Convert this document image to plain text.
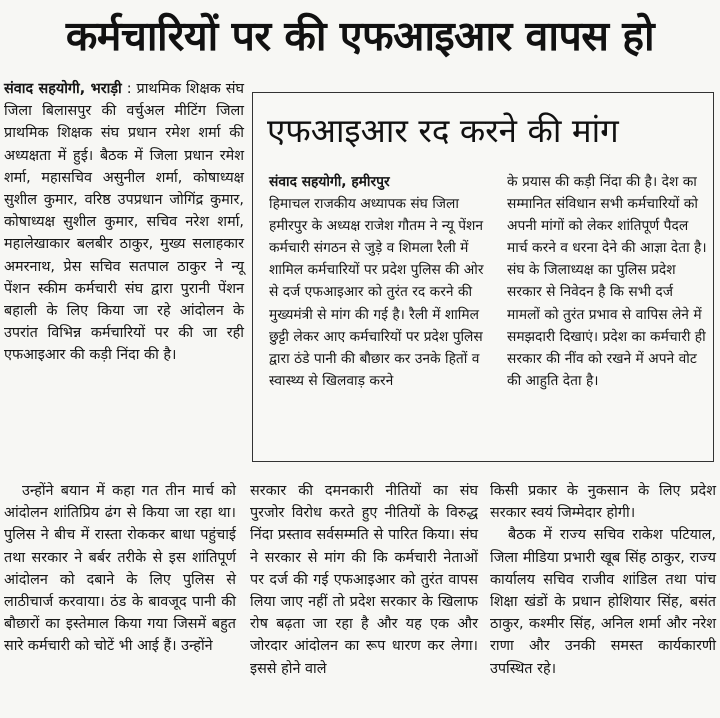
कर्मचारियों पर की एफआइआर वापस हो

संवाद सहयोगी, भराड़ी : प्राथमिक शिक्षक संघ जिला बिलासपुर की वर्चुअल मीटिंग जिला प्राथमिक शिक्षक संघ प्रधान रमेश शर्मा की अध्यक्षता में हुई। बैठक में जिला प्रधान रमेश शर्मा, महासचिव असुनील शर्मा, कोषाध्यक्ष सुशील कुमार, वरिष्ठ उपप्रधान जोगिंद्र कुमार, कोषाध्यक्ष सुशील कुमार, सचिव नरेश शर्मा, महालेखाकार बलबीर ठाकुर, मुख्य सलाहकार अमरनाथ, प्रेस सचिव सतपाल ठाकुर ने न्यू पेंशन स्कीम कर्मचारी संघ द्वारा पुरानी पेंशन बहाली के लिए किया जा रहे आंदोलन के उपरांत विभिन्न कर्मचारियों पर की जा रही एफआइआर की कड़ी निंदा की है।

एफआइआर रद करने की मांग
संवाद सहयोगी, हमीरपुर
हिमाचल राजकीय अध्यापक संघ जिला हमीरपुर के अध्यक्ष राजेश गौतम ने न्यू पेंशन कर्मचारी संगठन से जुड़े व शिमला रैली में शामिल कर्मचारियों पर प्रदेश पुलिस की ओर से दर्ज एफआइआर को तुरंत रद करने की मुख्यमंत्री से मांग की गई है। रैली में शामिल छुट्टी लेकर आए कर्मचारियों पर प्रदेश पुलिस द्वारा ठंडे पानी की बौछार कर उनके हितों व स्वास्थ्य से खिलवाड़ करने
के प्रयास की कड़ी निंदा की है। देश का सम्मानित संविधान सभी कर्मचारियों को अपनी मांगों को लेकर शांतिपूर्ण पैदल मार्च करने व धरना देने की आज्ञा देता है। संघ के जिलाध्यक्ष का पुलिस प्रदेश सरकार से निवेदन है कि सभी दर्ज मामलों को तुरंत प्रभाव से वापिस लेने में समझदारी दिखाएं। प्रदेश का कर्मचारी ही सरकार की नींव को रखने में अपने वोट की आहुति देता है।

उन्होंने बयान में कहा गत तीन मार्च को आंदोलन शांतिप्रिय ढंग से किया जा रहा था। पुलिस ने बीच में रास्ता रोककर बाधा पहुंचाई तथा सरकार ने बर्बर तरीके से इस शांतिपूर्ण आंदोलन को दबाने के लिए पुलिस से लाठीचार्ज करवाया। ठंड के बावजूद पानी की बौछारों का इस्तेमाल किया गया जिसमें बहुत सारे कर्मचारी को चोटें भी आई हैं। उन्होंने

सरकार की दमनकारी नीतियों का संघ पुरजोर विरोध करते हुए नीतियों के विरुद्ध निंदा प्रस्ताव सर्वसम्मति से पारित किया। संघ ने सरकार से मांग की कि कर्मचारी नेताओं पर दर्ज की गई एफआइआर को तुरंत वापस लिया जाए नहीं तो प्रदेश सरकार के खिलाफ रोष बढ़ता जा रहा है और यह एक और जोरदार आंदोलन का रूप धारण कर लेगा। इससे होने वाले

किसी प्रकार के नुकसान के लिए प्रदेश सरकार स्वयं जिम्मेदार होगी।

बैठक में राज्य सचिव राकेश पटियाल, जिला मीडिया प्रभारी खूब सिंह ठाकुर, राज्य कार्यालय सचिव राजीव शांडिल तथा पांच शिक्षा खंडों के प्रधान होशियार सिंह, बसंत ठाकुर, कश्मीर सिंह, अनिल शर्मा और नरेश राणा और उनकी समस्त कार्यकारणी उपस्थित रहे।
